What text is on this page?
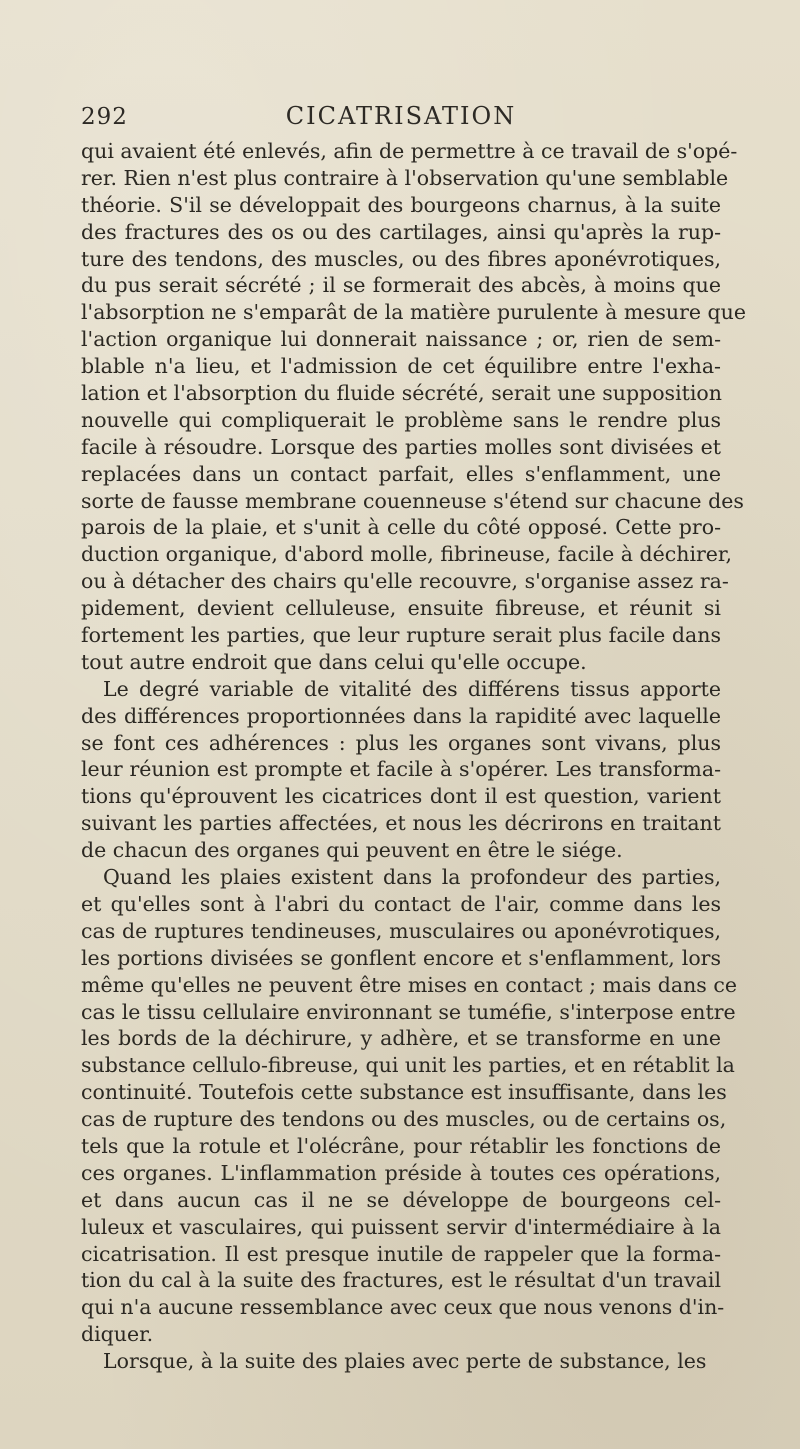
292	CICATRISATION
qui avaient été enlevés, afin de permettre à ce travail de s'opé-
rer. Rien n'est plus contraire à l'observation qu'une semblable
théorie. S'il se développait des bourgeons charnus, à la suite
des fractures des os ou des cartilages, ainsi qu'après la rup-
ture des tendons, des muscles, ou des fibres aponévrotiques,
du pus serait sécrété ; il se formerait des abcès, à moins que
l'absorption ne s'emparât de la matière purulente à mesure que
l'action organique lui donnerait naissance ; or, rien de sem-
blable n'a lieu, et l'admission de cet équilibre entre l'exha-
lation et l'absorption du fluide sécrété, serait une supposition
nouvelle qui compliquerait le problème sans le rendre plus
facile à résoudre. Lorsque des parties molles sont divisées et
replacées dans un contact parfait, elles s'enflamment, une
sorte de fausse membrane couenneuse s'étend sur chacune des
parois de la plaie, et s'unit à celle du côté opposé. Cette pro-
duction organique, d'abord molle, fibrineuse, facile à déchirer,
ou à détacher des chairs qu'elle recouvre, s'organise assez ra-
pidement, devient celluleuse, ensuite fibreuse, et réunit si
fortement les parties, que leur rupture serait plus facile dans
tout autre endroit que dans celui qu'elle occupe.
Le degré variable de vitalité des différens tissus apporte
des différences proportionnées dans la rapidité avec laquelle
se font ces adhérences : plus les organes sont vivans, plus
leur réunion est prompte et facile à s'opérer. Les transforma-
tions qu'éprouvent les cicatrices dont il est question, varient
suivant les parties affectées, et nous les décrirons en traitant
de chacun des organes qui peuvent en être le siége.
Quand les plaies existent dans la profondeur des parties,
et qu'elles sont à l'abri du contact de l'air, comme dans les
cas de ruptures tendineuses, musculaires ou aponévrotiques,
les portions divisées se gonflent encore et s'enflamment, lors
même qu'elles ne peuvent être mises en contact ; mais dans ce
cas le tissu cellulaire environnant se tuméfie, s'interpose entre
les bords de la déchirure, y adhère, et se transforme en une
substance cellulo-fibreuse, qui unit les parties, et en rétablit la
continuité. Toutefois cette substance est insuffisante, dans les
cas de rupture des tendons ou des muscles, ou de certains os,
tels que la rotule et l'olécrâne, pour rétablir les fonctions de
ces organes. L'inflammation préside à toutes ces opérations,
et dans aucun cas il ne se développe de bourgeons cel-
luleux et vasculaires, qui puissent servir d'intermédiaire à la
cicatrisation. Il est presque inutile de rappeler que la forma-
tion du cal à la suite des fractures, est le résultat d'un travail
qui n'a aucune ressemblance avec ceux que nous venons d'in-
diquer.
Lorsque, à la suite des plaies avec perte de substance, les
